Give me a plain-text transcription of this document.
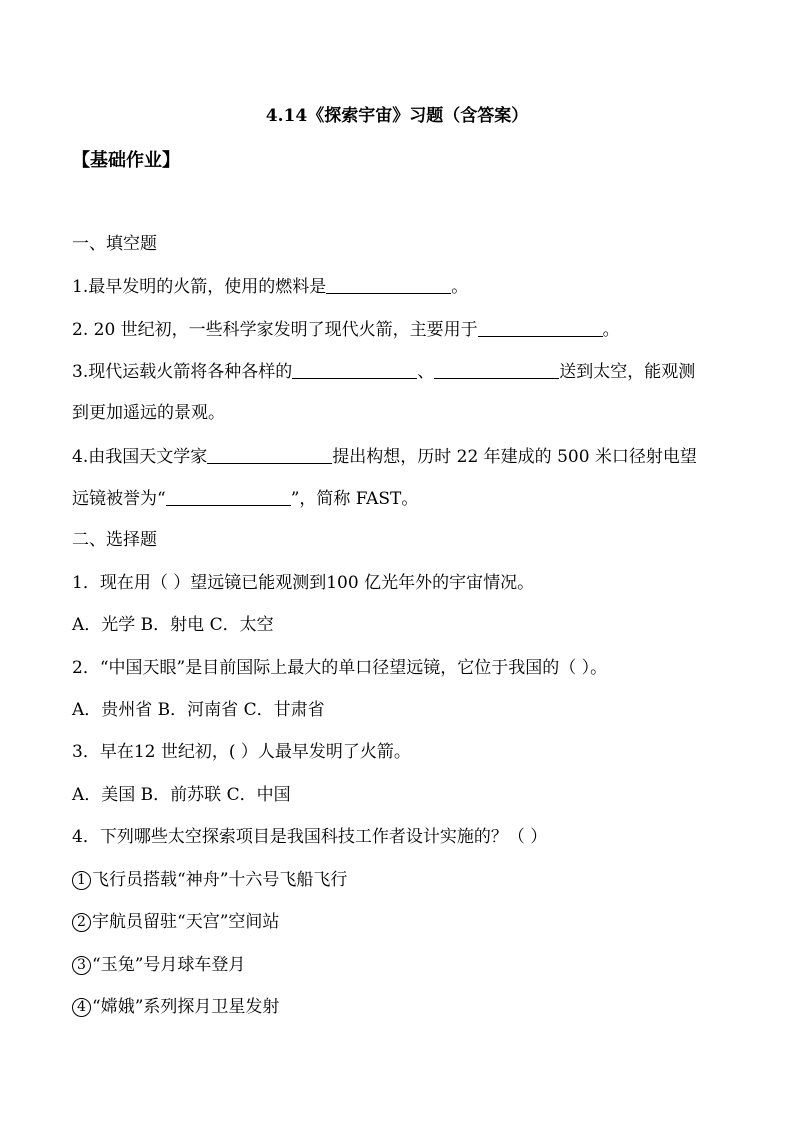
4.14《探索宇宙》习题（含答案）
【基础作业】
一、填空题
1.最早发明的火箭，使用的燃料是	。
2. 20 世纪初，一些科学家发明了现代火箭，主要用于	。
3.现代运载火箭将各种各样的	、	送到太空，能观测
到更加遥远的景观。
4.由我国天文学家	提出构想，历时 22 年建成的 500 米口径射电望
远镜被誉为“	”，简称 FAST。
二、选择题
1．现在用（ ）望远镜已能观测到100 亿光年外的宇宙情况。
A．光学 B．射电 C．太空
2．“中国天眼”是目前国际上最大的单口径望远镜，它位于我国的（ ）。
A．贵州省 B．河南省 C．甘肃省
3．早在12 世纪初，( ）人最早发明了火箭。
A．美国 B．前苏联 C．中国
4．下列哪些太空探索项目是我国科技工作者设计实施的？（ ）
1 飞行员搭载“神舟”十六号飞船飞行
2 宇航员留驻“天宫”空间站
3 “玉兔”号月球车登月
4 “嫦娥”系列探月卫星发射
